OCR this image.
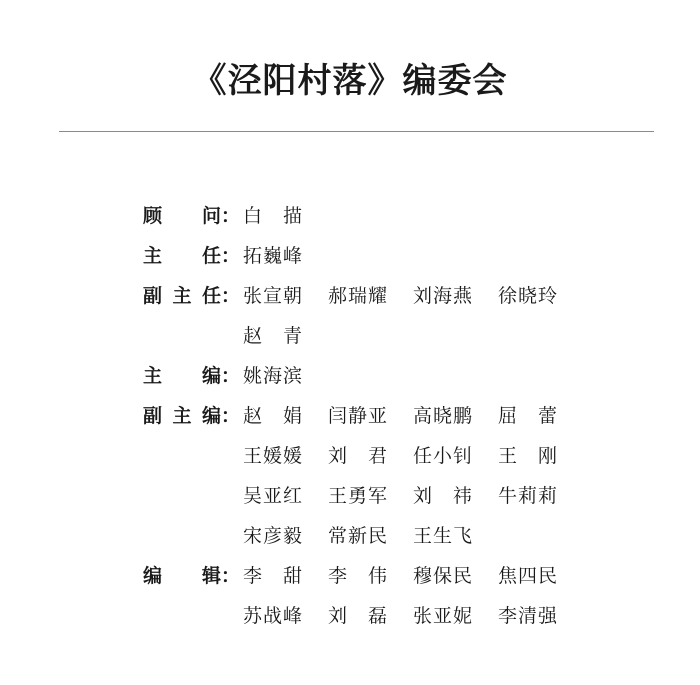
《泾阳村落》编委会
顾 问 ： 白　描
主 任 ： 拓巍峰
副 主 任 ： 张宣朝	郝瑞耀	刘海燕	徐晓玲
赵　青
主 编 ： 姚海滨
副 主 编 ： 赵　娟	闫静亚	高晓鹏	屈　蕾
王媛媛	刘　君	任小钊	王　刚
吴亚红	王勇军	刘　祎	牛莉莉
宋彦毅	常新民	王生飞
编 辑 ： 李　甜	李　伟	穆保民	焦四民
苏战峰	刘　磊	张亚妮	李清强
